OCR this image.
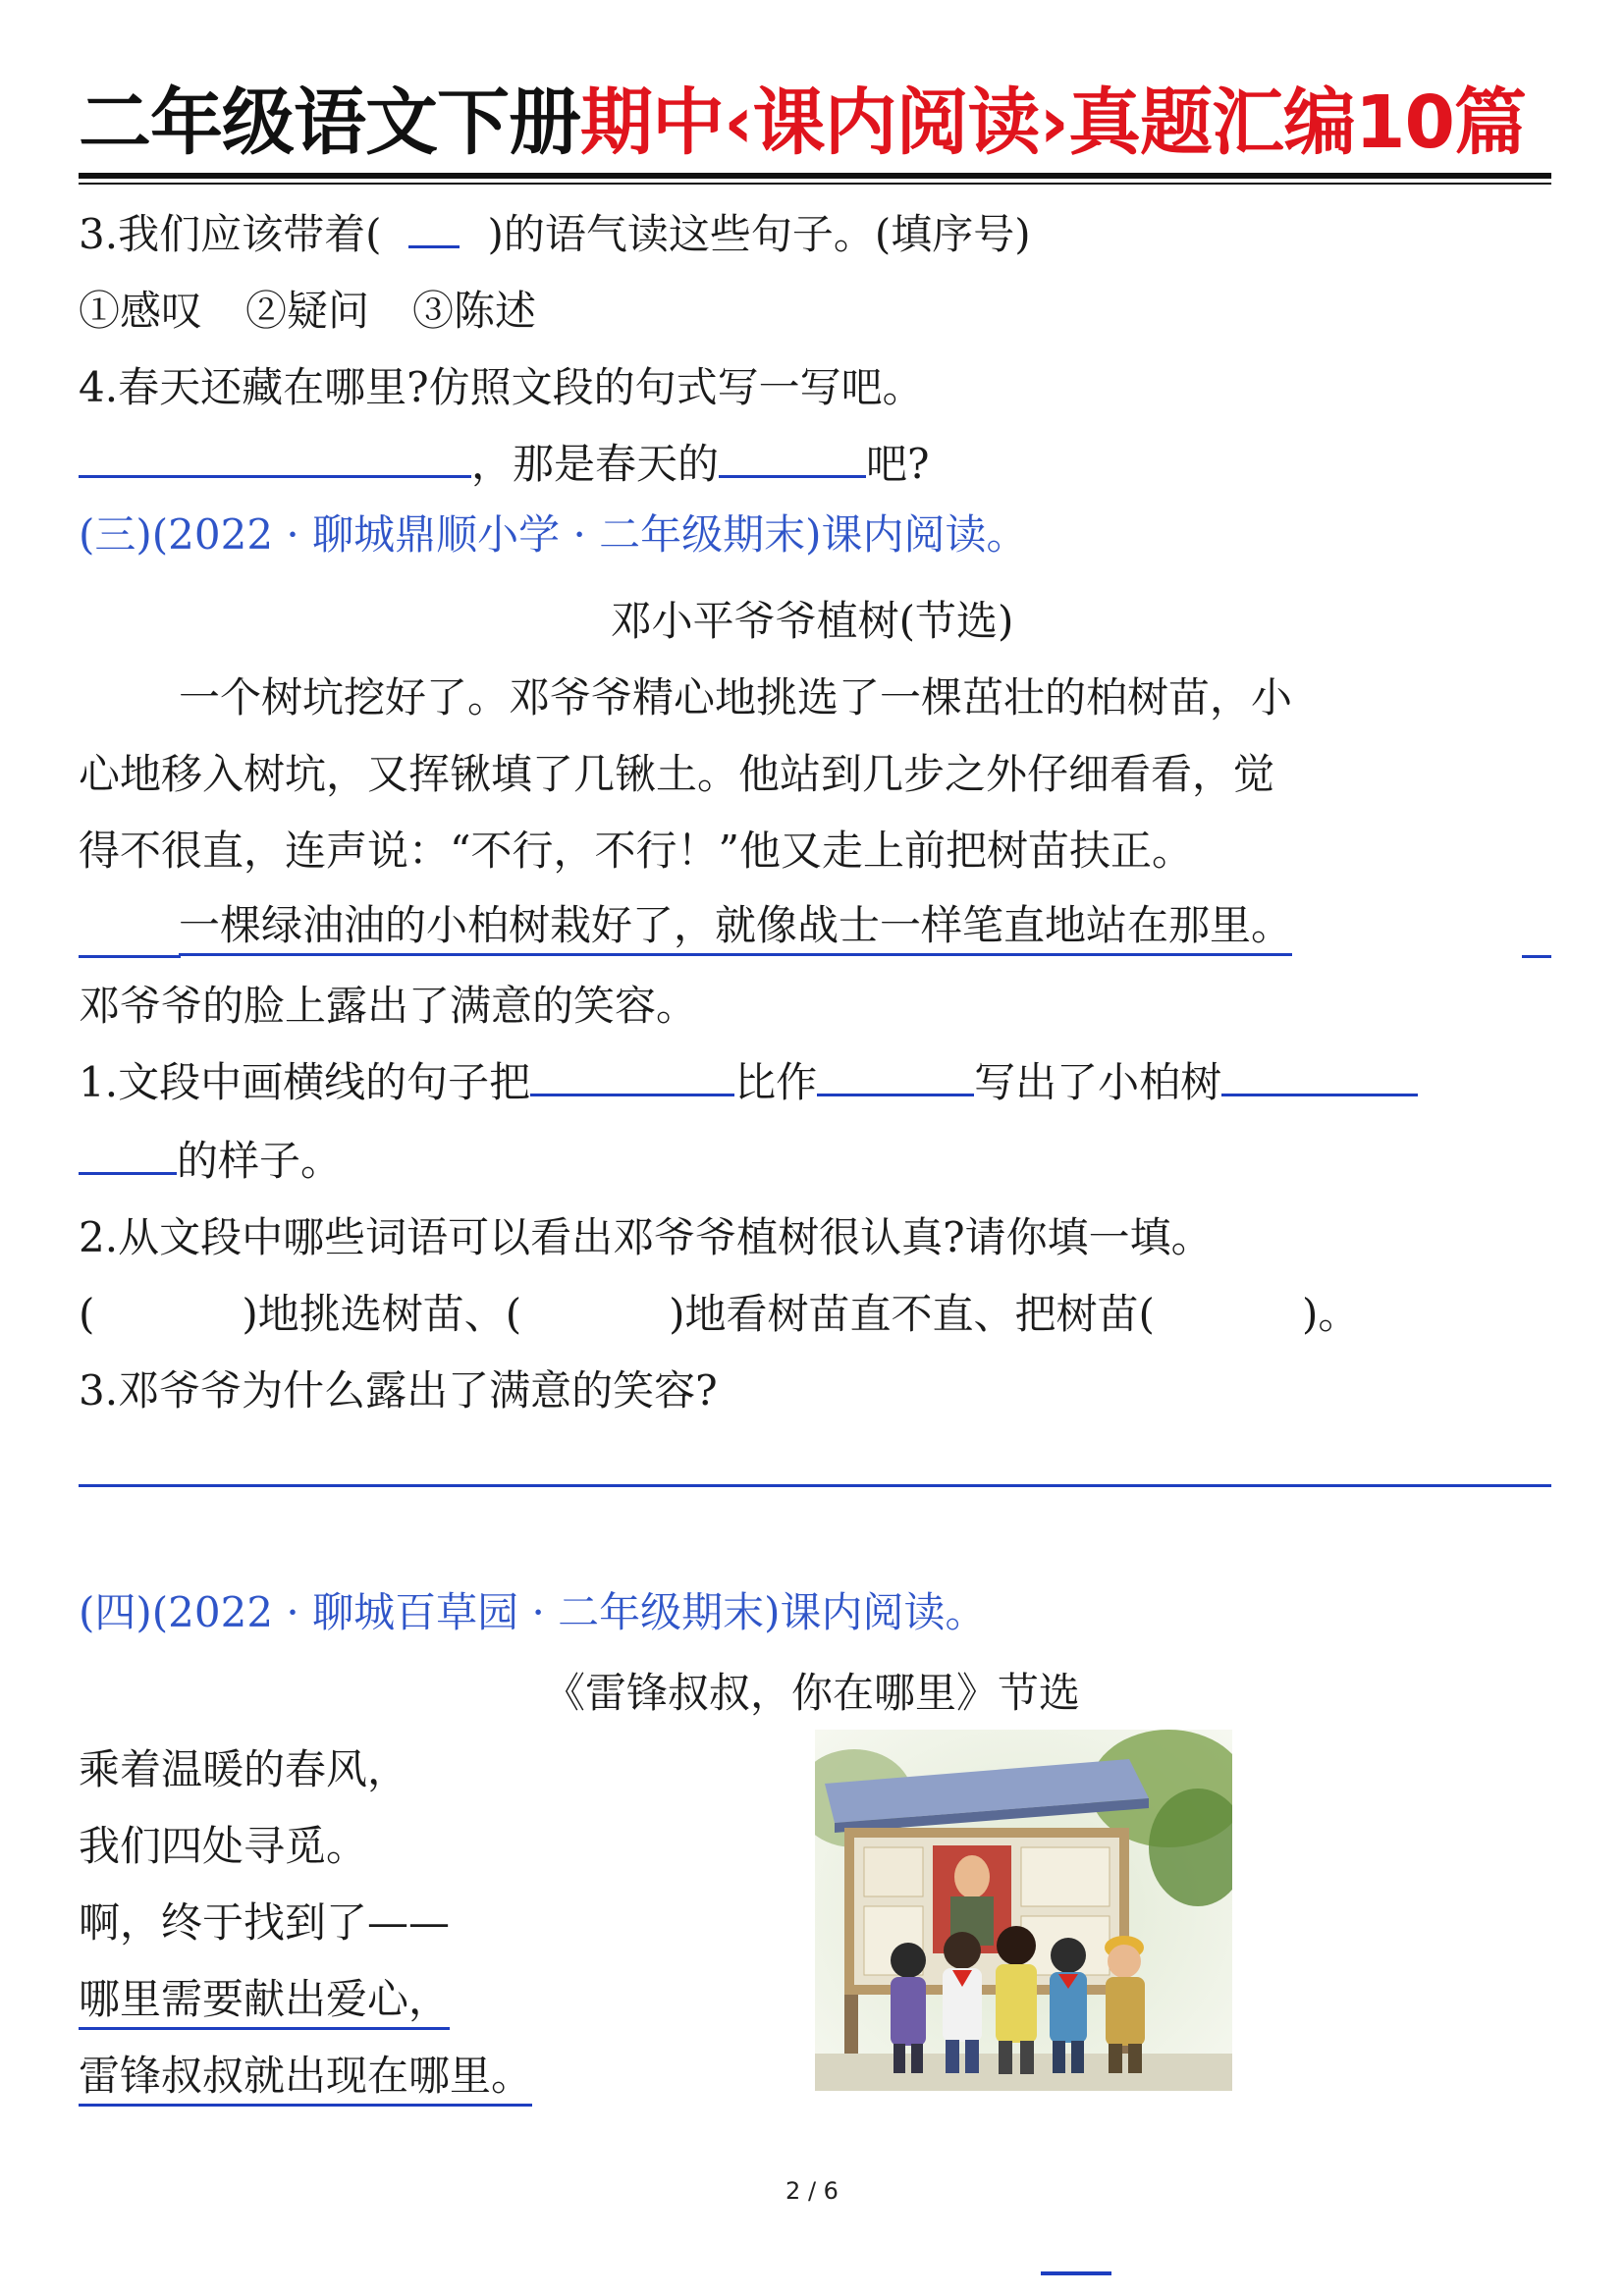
二年级语文下册期中‹课内阅读›真题汇编10篇
3.我们应该带着(	)的语气读这些句子。(填序号)
①感叹 ②疑问 ③陈述
4.春天还藏在哪里?仿照文段的句式写一写吧。
，那是春天的	吧?
(三)(2022 · 聊城鼎顺小学 · 二年级期末)课内阅读。
邓小平爷爷植树(节选)
一个树坑挖好了。邓爷爷精心地挑选了一棵茁壮的柏树苗，小
心地移入树坑，又挥锹填了几锹土。他站到几步之外仔细看看，觉
得不很直，连声说：“不行，不行！”他又走上前把树苗扶正。
一棵绿油油的小柏树栽好了，就像战士一样笔直地站在那里。
邓爷爷的脸上露出了满意的笑容。
1.文段中画横线的句子把	比作	写出了小柏树
的样子。
2.从文段中哪些词语可以看出邓爷爷植树很认真?请你填一填。
(	)地挑选树苗、(	)地看树苗直不直、把树苗(	)。
3.邓爷爷为什么露出了满意的笑容?
(四)(2022 · 聊城百草园 · 二年级期末)课内阅读。
《雷锋叔叔，你在哪里》节选
乘着温暖的春风，
我们四处寻觅。
啊，终于找到了——
哪里需要献出爱心，
雷锋叔叔就出现在哪里。
2 / 6
